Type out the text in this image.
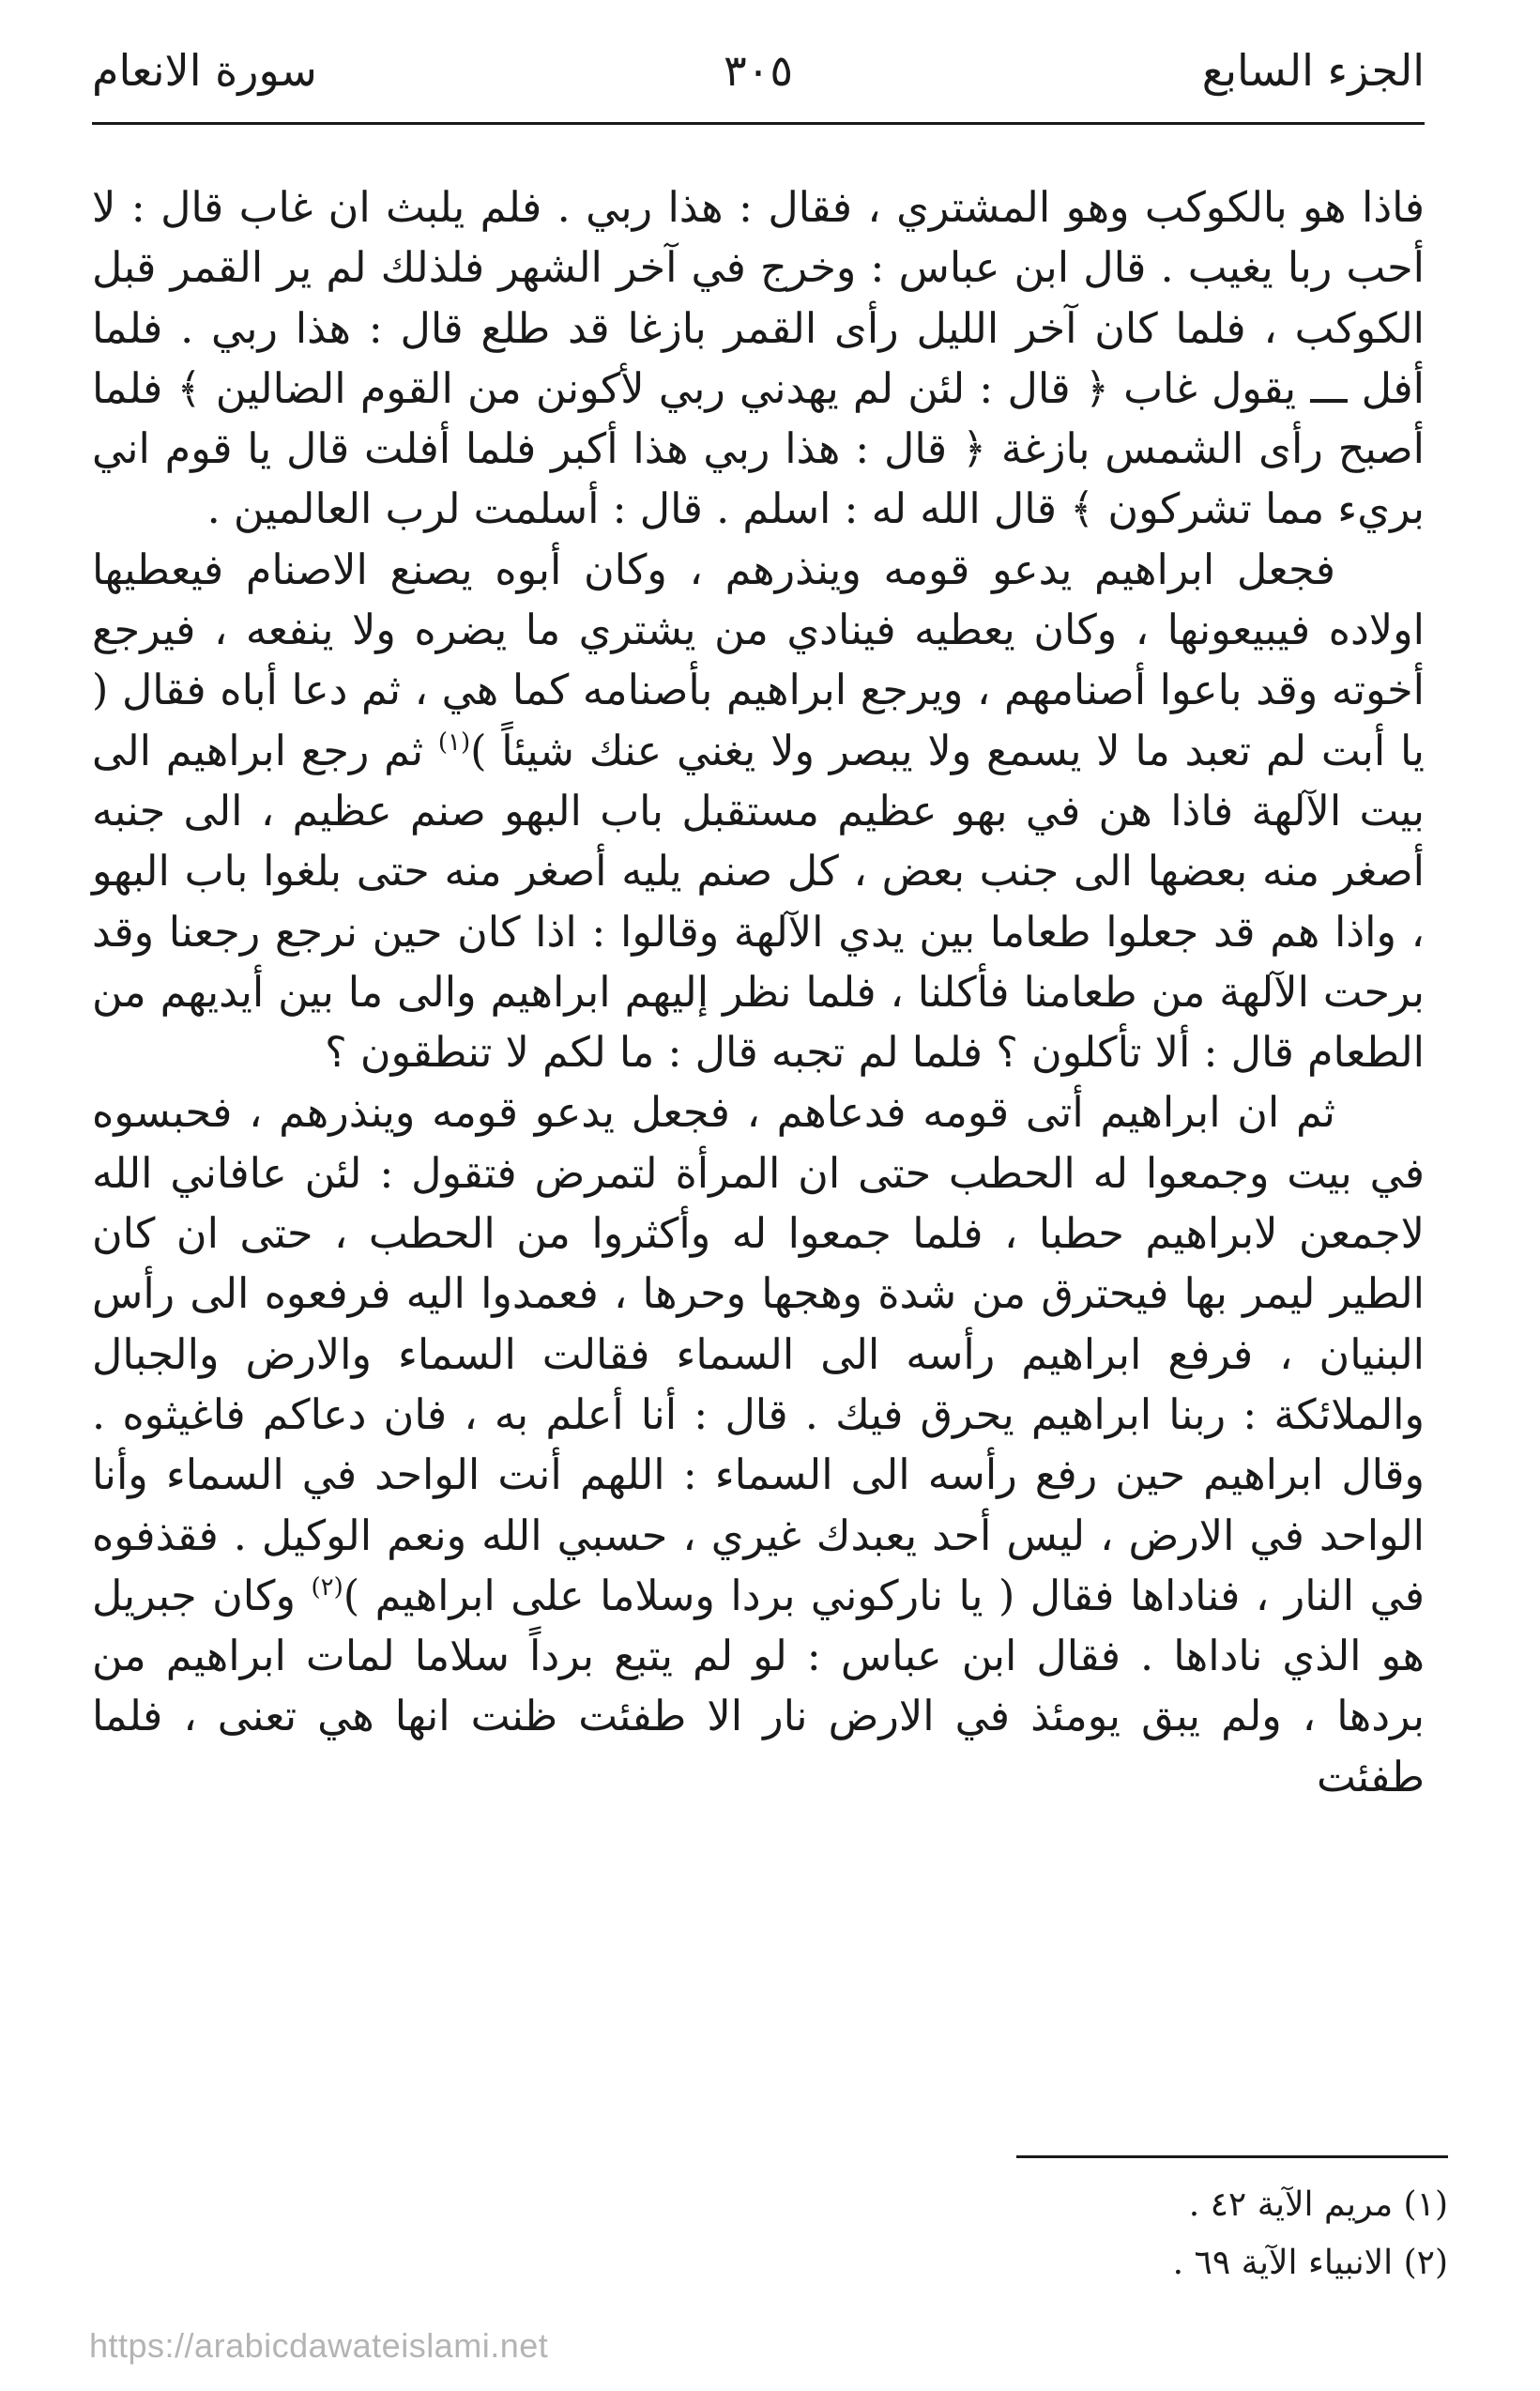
الجزء السابع
٣٠٥
سورة الانعام

فاذا هو بالكوكب وهو المشتري ، فقال : هذا ربي . فلم يلبث ان غاب قال : لا أحب ربا يغيب . قال ابن عباس : وخرج في آخر الشهر فلذلك لم ير القمر قبل الكوكب ، فلما كان آخر الليل رأى القمر بازغا قد طلع قال : هذا ربي . فلما أفل ـــ يقول غاب ﴿ قال : لئن لم يهدني ربي لأكونن من القوم الضالين ﴾ فلما أصبح رأى الشمس بازغة ﴿ قال : هذا ربي هذا أكبر فلما أفلت قال يا قوم اني بريء مما تشركون ﴾ قال الله له : اسلم . قال : أسلمت لرب العالمين .

فجعل ابراهيم يدعو قومه وينذرهم ، وكان أبوه يصنع الاصنام فيعطيها اولاده فيبيعونها ، وكان يعطيه فينادي من يشتري ما يضره ولا ينفعه ، فيرجع أخوته وقد باعوا أصنامهم ، ويرجع ابراهيم بأصنامه كما هي ، ثم دعا أباه فقال ( يا أبت لم تعبد ما لا يسمع ولا يبصر ولا يغني عنك شيئاً )$^{(١)}$ ثم رجع ابراهيم الى بيت الآلهة فاذا هن في بهو عظيم مستقبل باب البهو صنم عظيم ، الى جنبه أصغر منه بعضها الى جنب بعض ، كل صنم يليه أصغر منه حتى بلغوا باب البهو ، واذا هم قد جعلوا طعاما بين يدي الآلهة وقالوا : اذا كان حين نرجع رجعنا وقد برحت الآلهة من طعامنا فأكلنا ، فلما نظر إليهم ابراهيم والى ما بين أيديهم من الطعام قال : ألا تأكلون ؟ فلما لم تجبه قال : ما لكم لا تنطقون ؟

ثم ان ابراهيم أتى قومه فدعاهم ، فجعل يدعو قومه وينذرهم ، فحبسوه في بيت وجمعوا له الحطب حتى ان المرأة لتمرض فتقول : لئن عافاني الله لاجمعن لابراهيم حطبا ، فلما جمعوا له وأكثروا من الحطب ، حتى ان كان الطير ليمر بها فيحترق من شدة وهجها وحرها ، فعمدوا اليه فرفعوه الى رأس البنيان ، فرفع ابراهيم رأسه الى السماء فقالت السماء والارض والجبال والملائكة : ربنا ابراهيم يحرق فيك . قال : أنا أعلم به ، فان دعاكم فاغيثوه . وقال ابراهيم حين رفع رأسه الى السماء : اللهم أنت الواحد في السماء وأنا الواحد في الارض ، ليس أحد يعبدك غيري ، حسبي الله ونعم الوكيل . فقذفوه في النار ، فناداها فقال ( يا ناركوني بردا وسلاما على ابراهيم )$^{(٢)}$ وكان جبريل هو الذي ناداها . فقال ابن عباس : لو لم يتبع برداً سلاما لمات ابراهيم من بردها ، ولم يبق يومئذ في الارض نار الا طفئت ظنت انها هي تعنى ، فلما طفئت

(١) مريم الآية ٤٢ .
(٢) الانبياء الآية ٦٩ .
https://arabicdawateislami.net
